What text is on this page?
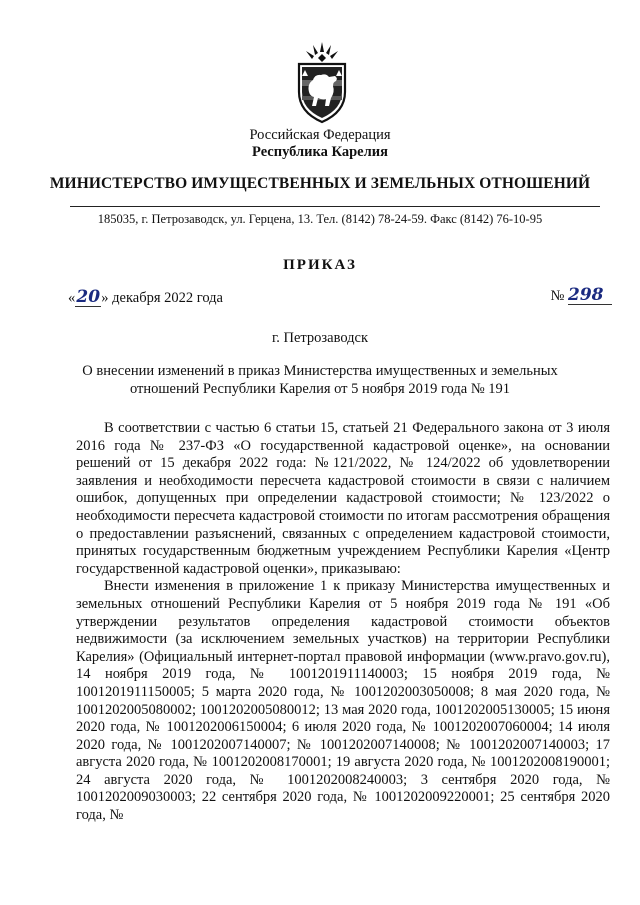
Российская Федерация
Республика Карелия
МИНИСТЕРСТВО ИМУЩЕСТВЕННЫХ И ЗЕМЕЛЬНЫХ ОТНОШЕНИЙ
185035, г. Петрозаводск, ул. Герцена, 13. Тел. (8142) 78-24-59. Факс (8142) 76-10-95
ПРИКАЗ
«20» декабря 2022 года	№ 298
г. Петрозаводск
О внесении изменений в приказ Министерства имущественных и земельных
отношений Республики Карелия от 5 ноября 2019 года № 191

В соответствии с частью 6 статьи 15, статьей 21 Федерального закона от 3 июля 2016 года № 237-ФЗ «О государственной кадастровой оценке», на основании решений от 15 декабря 2022 года: №121/2022, № 124/2022 об удовлетворении заявления и необходимости пересчета кадастровой стоимости в связи с наличием ошибок, допущенных при определении кадастровой стоимости; № 123/2022 о необходимости пересчета кадастровой стоимости по итогам рассмотрения обращения о предоставлении разъяснений, связанных с определением кадастровой стоимости, принятых государственным бюджетным учреждением Республики Карелия «Центр государственной кадастровой оценки», приказываю:

Внести изменения в приложение 1 к приказу Министерства имущественных и земельных отношений Республики Карелия от 5 ноября 2019 года № 191 «Об утверждении результатов определения кадастровой стоимости объектов недвижимости (за исключением земельных участков) на территории Республики Карелия» (Официальный интернет-портал правовой информации (www.pravo.gov.ru), 14 ноября 2019 года, № 1001201911140003; 15 ноября 2019 года, № 1001201911150005; 5 марта 2020 года, № 1001202003050008; 8 мая 2020 года, № 1001202005080002; 1001202005080012; 13 мая 2020 года, 1001202005130005; 15 июня 2020 года, № 1001202006150004; 6 июля 2020 года, № 1001202007060004; 14 июля 2020 года, № 1001202007140007; № 1001202007140008; № 1001202007140003; 17 августа 2020 года, № 1001202008170001; 19 августа 2020 года, № 1001202008190001; 24 августа 2020 года, № 1001202008240003; 3 сентября 2020 года, № 1001202009030003; 22 сентября 2020 года, № 1001202009220001; 25 сентября 2020 года, №
